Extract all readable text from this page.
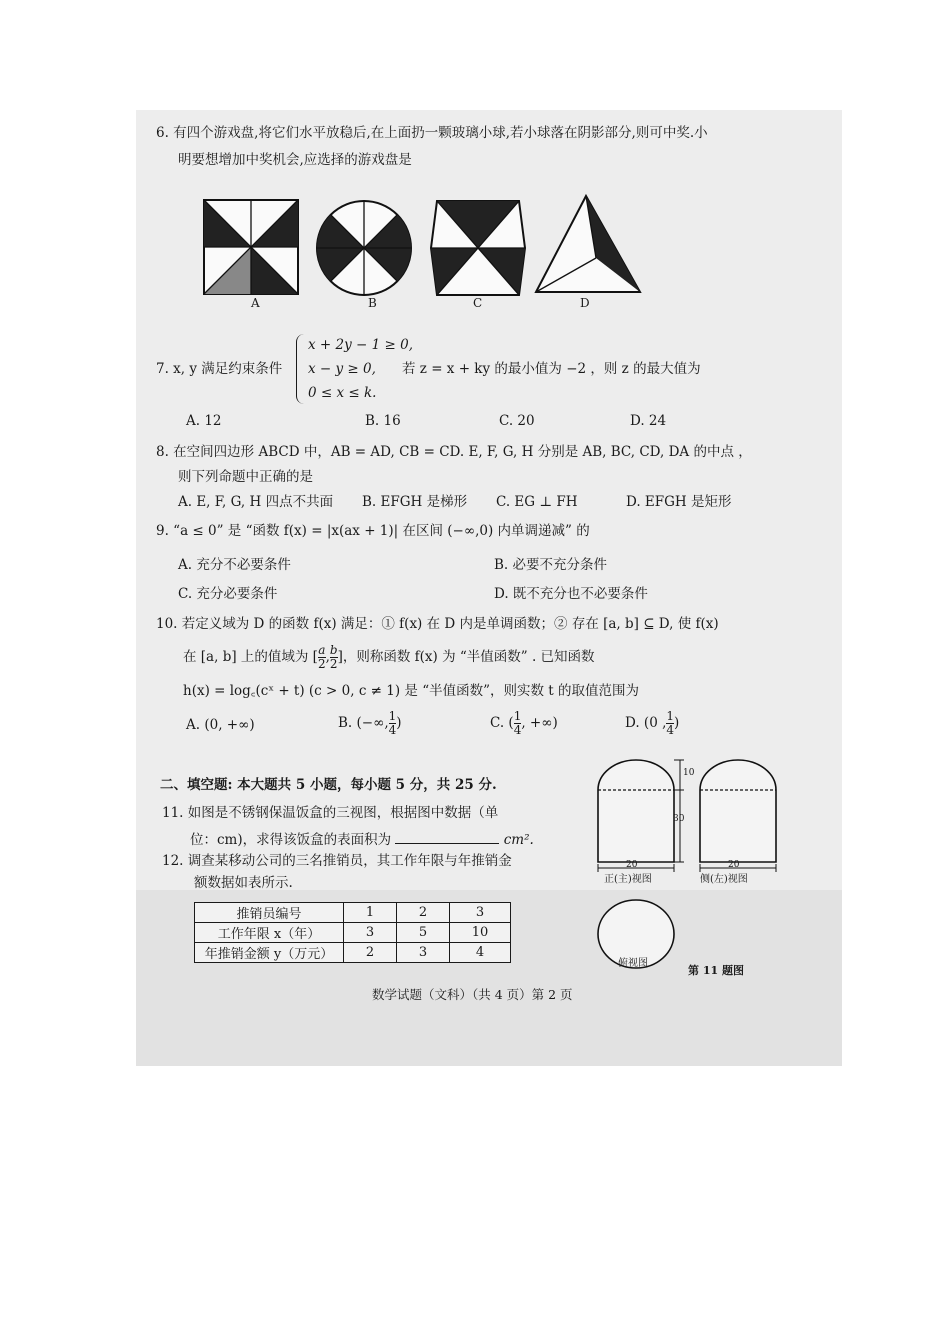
6. 有四个游戏盘,将它们水平放稳后,在上面扔一颗玻璃小球,若小球落在阴影部分,则可中奖.小
明要想增加中奖机会,应选择的游戏盘是
A	B	C	D
7. x, y 满足约束条件
x + 2y − 1 ≥ 0,
x − y ≥ 0,
0 ≤ x ≤ k.
若 z = x + ky 的最小值为 −2 ，则 z 的最大值为
A. 12	B. 16	C. 20	D. 24
8. 在空间四边形 ABCD 中，AB = AD, CB = CD. E, F, G, H 分别是 AB, BC, CD, DA 的中点 ，
则下列命题中正确的是
A. E, F, G, H 四点不共面 B. EFGH 是梯形 C. EG ⊥ FH	D. EFGH 是矩形
9. “a ≤ 0” 是 “函数 f(x) = |x(ax + 1)| 在区间 (−∞,0) 内单调递减” 的
A. 充分不必要条件	B. 必要不充分条件
C. 充分必要条件	D. 既不充分也不必要条件
10. 若定义域为 D 的函数 f(x) 满足：① f(x) 在 D 内是单调函数；② 存在 [a, b] ⊆ D, 使 f(x)
在 [a, b] 上的值域为 [ $\frac{a}{2}$ , $\frac{b}{2}$ ]，则称函数 f(x) 为 “半值函数” . 已知函数
h(x) = log꜀(cˣ + t) (c > 0, c ≠ 1) 是 “半值函数”，则实数 t 的取值范围为
A. (0, +∞)	B. (−∞, $\frac{1}{4}$ )	C. ( $\frac{1}{4}$ , +∞)	D. (0 , $\frac{1}{4}$ )
二、填空题: 本大题共 5 小题，每小题 5 分，共 25 分.
11. 如图是不锈钢保温饭盒的三视图，根据图中数据（单
位：cm)，求得该饭盒的表面积为	cm².
12. 调查某移动公司的三名推销员，其工作年限与年推销金
额数据如表所示.
推销员编号	1	2	3
工作年限 x（年）	3	5	10
年推销金额 y（万元）	2	3	4
10
30
20	20
正(主)视图	侧(左)视图
俯视图
第 11 题图
数学试题（文科）（共 4 页）第 2 页
